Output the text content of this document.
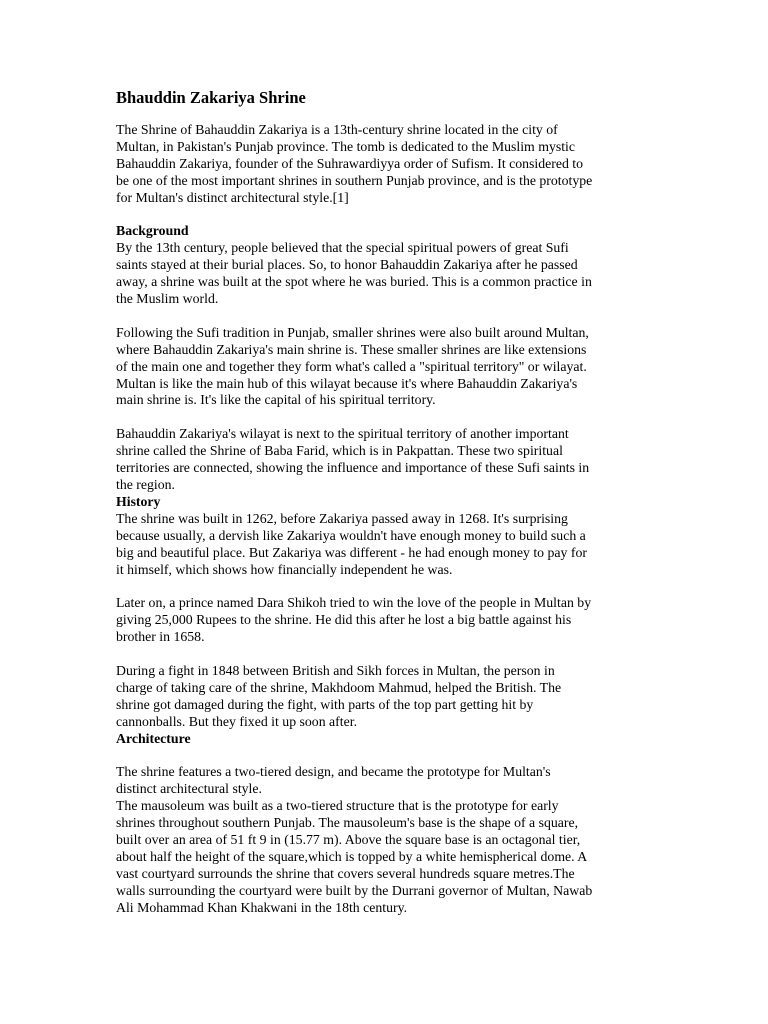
Bhauddin Zakariya Shrine
The Shrine of Bahauddin Zakariya is a 13th-century shrine located in the city of
Multan, in Pakistan's Punjab province. The tomb is dedicated to the Muslim mystic
Bahauddin Zakariya, founder of the Suhrawardiyya order of Sufism. It considered to
be one of the most important shrines in southern Punjab province, and is the prototype
for Multan's distinct architectural style.[1]
Background
By the 13th century, people believed that the special spiritual powers of great Sufi
saints stayed at their burial places. So, to honor Bahauddin Zakariya after he passed
away, a shrine was built at the spot where he was buried. This is a common practice in
the Muslim world.
Following the Sufi tradition in Punjab, smaller shrines were also built around Multan,
where Bahauddin Zakariya's main shrine is. These smaller shrines are like extensions
of the main one and together they form what's called a "spiritual territory" or wilayat.
Multan is like the main hub of this wilayat because it's where Bahauddin Zakariya's
main shrine is. It's like the capital of his spiritual territory.
Bahauddin Zakariya's wilayat is next to the spiritual territory of another important
shrine called the Shrine of Baba Farid, which is in Pakpattan. These two spiritual
territories are connected, showing the influence and importance of these Sufi saints in
the region.
History
The shrine was built in 1262, before Zakariya passed away in 1268. It's surprising
because usually, a dervish like Zakariya wouldn't have enough money to build such a
big and beautiful place. But Zakariya was different - he had enough money to pay for
it himself, which shows how financially independent he was.
Later on, a prince named Dara Shikoh tried to win the love of the people in Multan by
giving 25,000 Rupees to the shrine. He did this after he lost a big battle against his
brother in 1658.
During a fight in 1848 between British and Sikh forces in Multan, the person in
charge of taking care of the shrine, Makhdoom Mahmud, helped the British. The
shrine got damaged during the fight, with parts of the top part getting hit by
cannonballs. But they fixed it up soon after.
Architecture
The shrine features a two-tiered design, and became the prototype for Multan's
distinct architectural style.
The mausoleum was built as a two-tiered structure that is the prototype for early
shrines throughout southern Punjab. The mausoleum's base is the shape of a square,
built over an area of 51 ft 9 in (15.77 m). Above the square base is an octagonal tier,
about half the height of the square,which is topped by a white hemispherical dome. A
vast courtyard surrounds the shrine that covers several hundreds square metres.The
walls surrounding the courtyard were built by the Durrani governor of Multan, Nawab
Ali Mohammad Khan Khakwani in the 18th century.
